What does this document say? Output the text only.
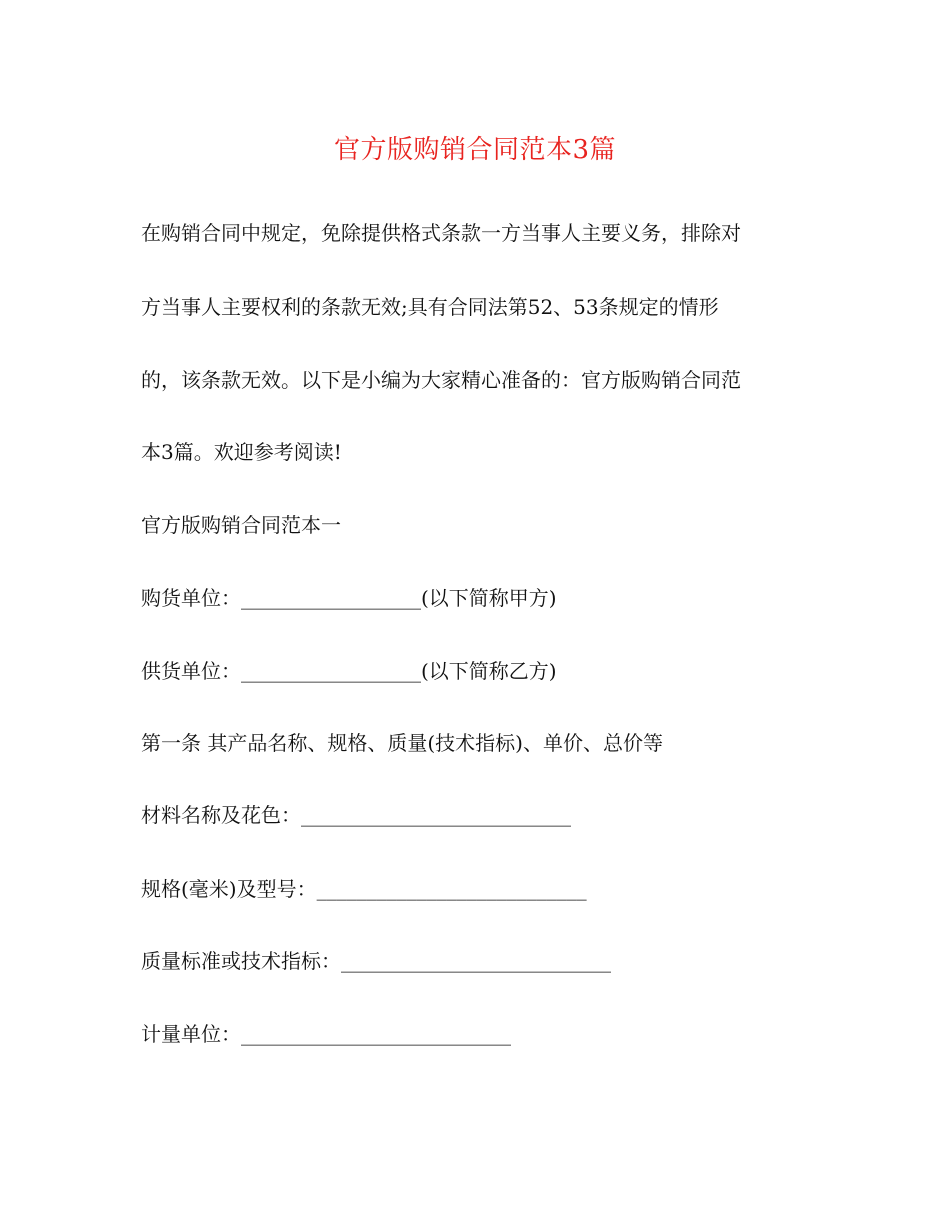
官方版购销合同范本3篇
在购销合同中规定，免除提供格式条款一方当事人主要义务，排除对
方当事人主要权利的条款无效;具有合同法第52、53条规定的情形
的，该条款无效。以下是小编为大家精心准备的：官方版购销合同范
本3篇。欢迎参考阅读!
官方版购销合同范本一
购货单位：__________________(以下简称甲方)
供货单位：__________________(以下简称乙方)
第一条 其产品名称、规格、质量(技术指标)、单价、总价等
材料名称及花色：___________________________
规格(毫米)及型号：___________________________
质量标准或技术指标：___________________________
计量单位：___________________________
